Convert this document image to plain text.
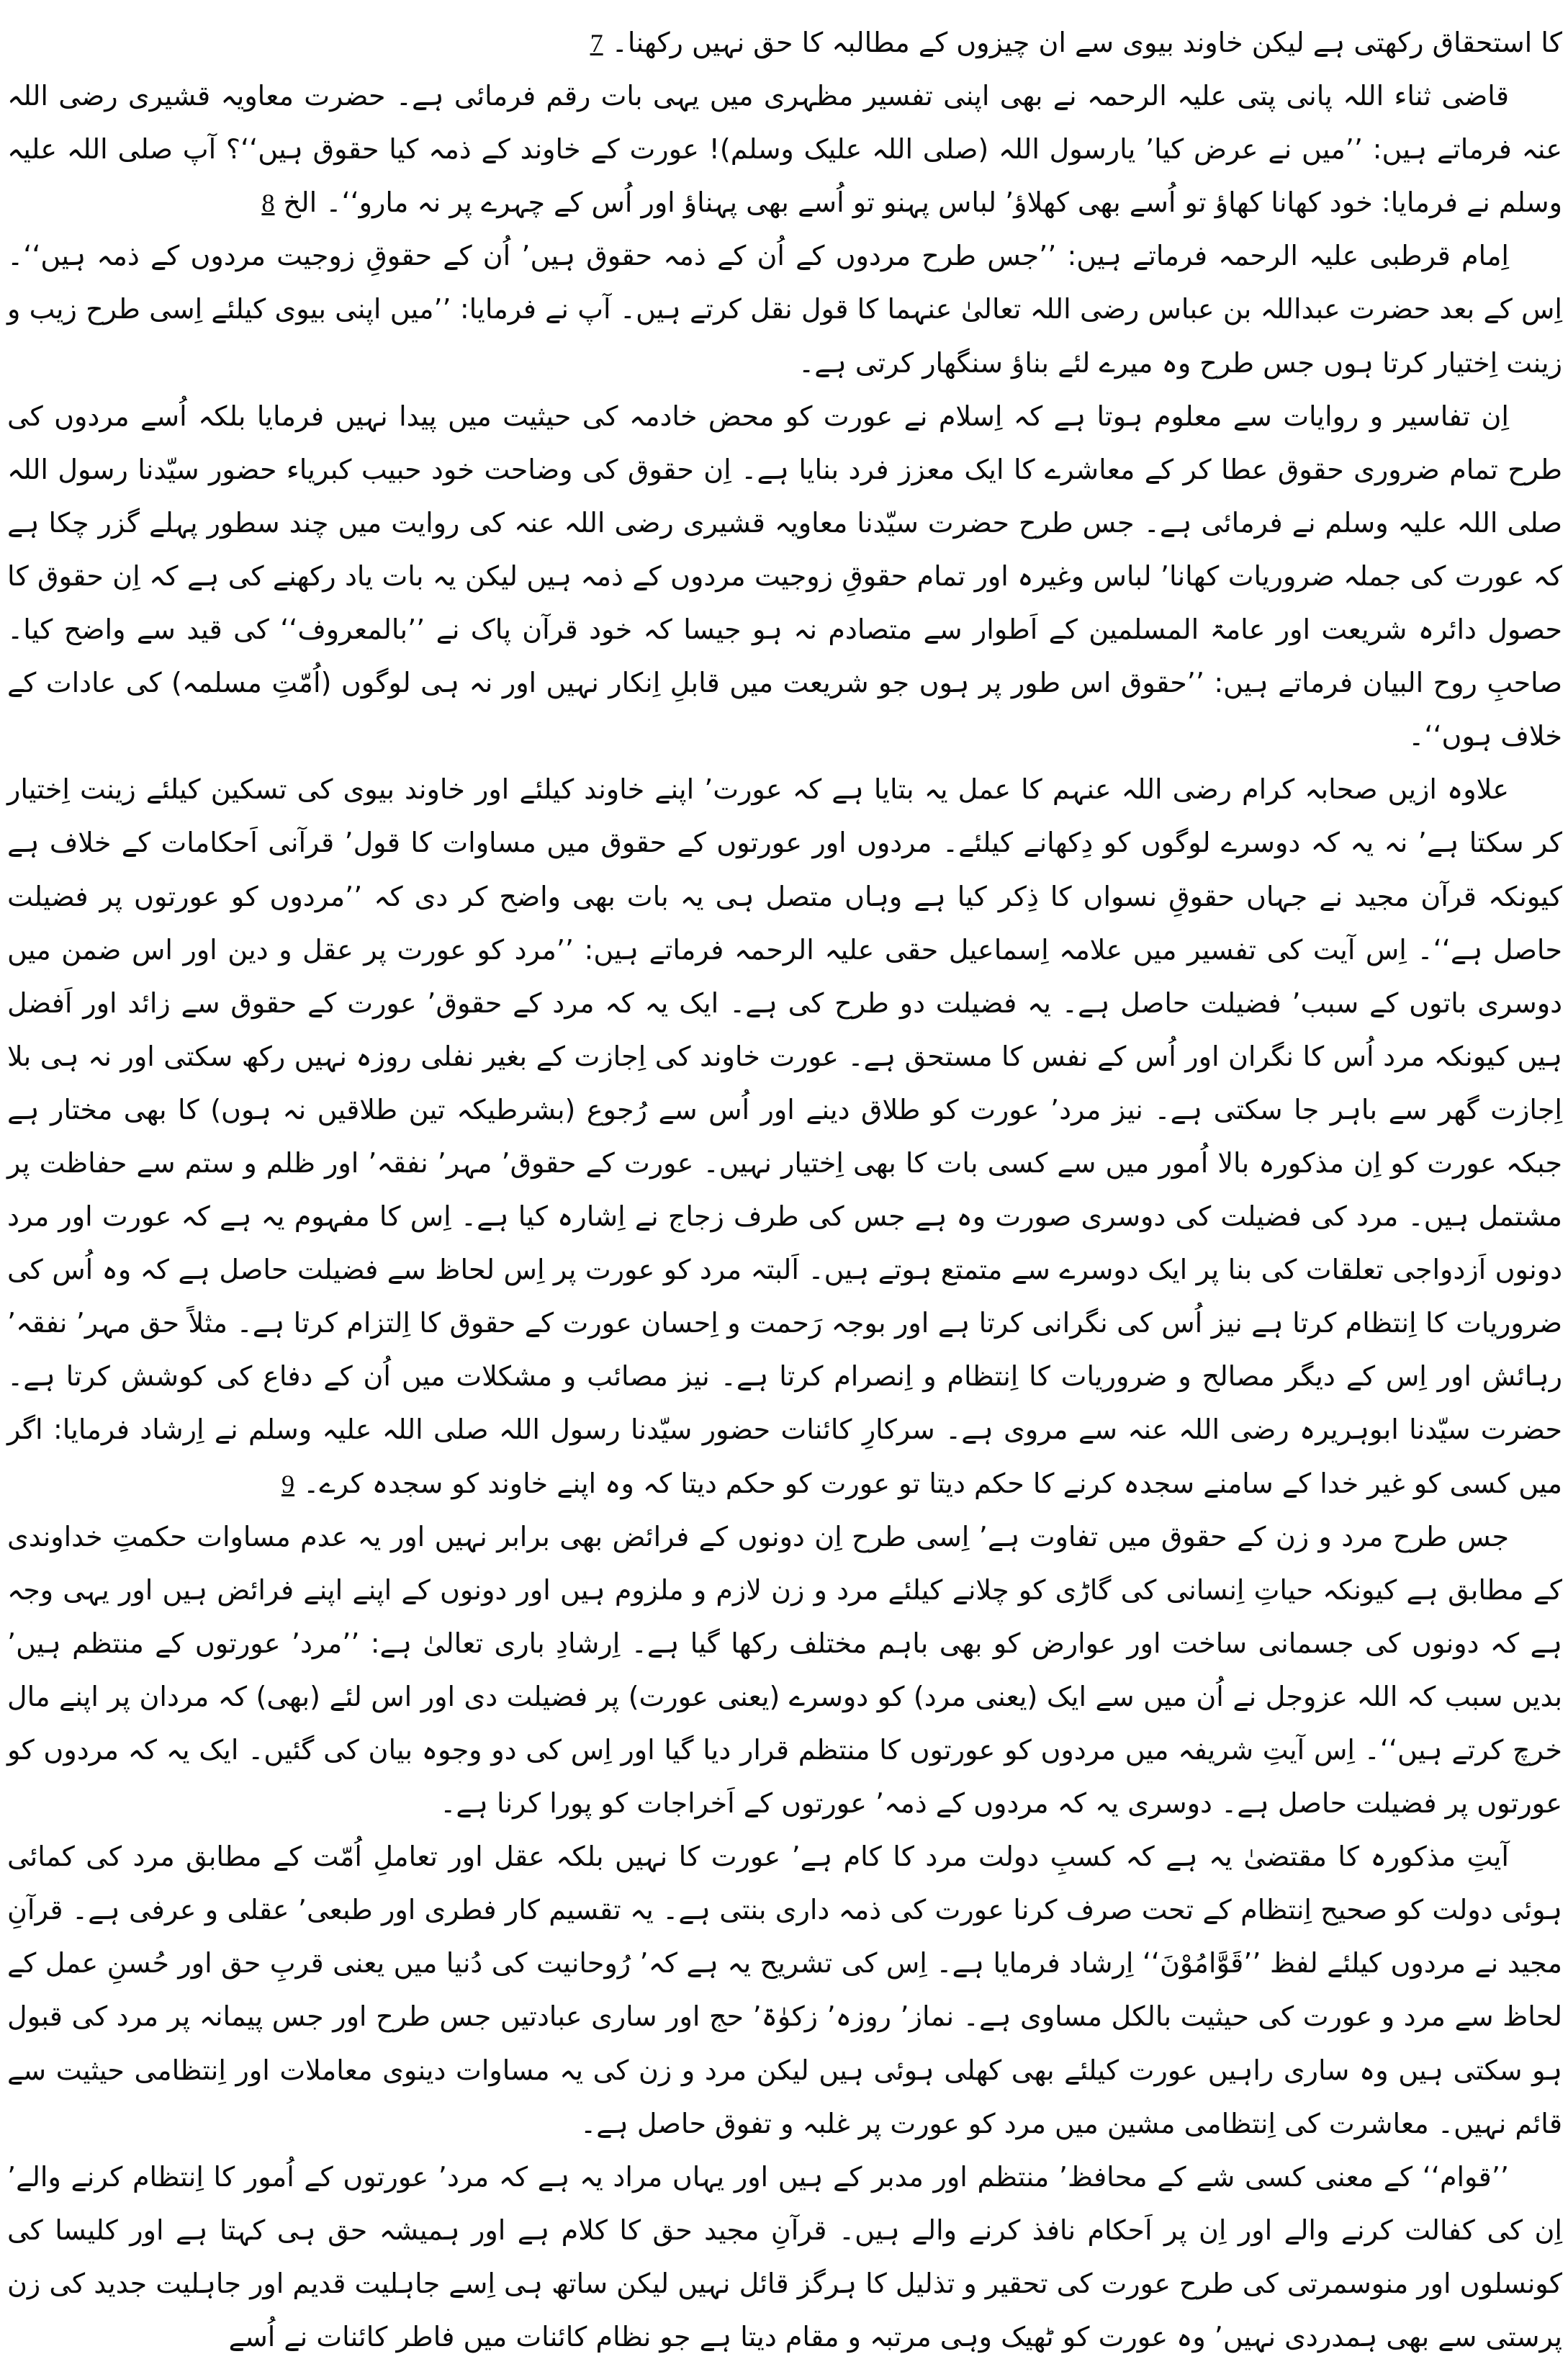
کا استحقاق رکھتی ہے لیکن خاوند بیوی سے ان چیزوں کے مطالبہ کا حق نہیں رکھنا۔7

قاضی ثناء اللہ پانی پتی علیہ الرحمہ نے بھی اپنی تفسیر مظہری میں یہی بات رقم فرمائی ہے۔ حضرت معاویہ قشیری رضی اللہ عنہ فرماتے ہیں: ’’میں نے عرض کیا’ یارسول اللہ (صلی اللہ علیک وسلم)! عورت کے خاوند کے ذمہ کیا حقوق ہیں‘‘؟ آپ صلی اللہ علیہ وسلم نے فرمایا: خود کھانا کھاؤ تو اُسے بھی کھلاؤ’ لباس پہنو تو اُسے بھی پہناؤ اور اُس کے چہرے پر نہ مارو‘‘۔ الخ8

اِمام قرطبی علیہ الرحمہ فرماتے ہیں: ’’جس طرح مردوں کے اُن کے ذمہ حقوق ہیں’ اُن کے حقوقِ زوجیت مردوں کے ذمہ ہیں‘‘۔ اِس کے بعد حضرت عبداللہ بن عباس رضی اللہ تعالیٰ عنہما کا قول نقل کرتے ہیں۔ آپ نے فرمایا: ’’میں اپنی بیوی کیلئے اِسی طرح زیب و زینت اِختیار کرتا ہوں جس طرح وہ میرے لئے بناؤ سنگھار کرتی ہے۔

اِن تفاسیر و روایات سے معلوم ہوتا ہے کہ اِسلام نے عورت کو محض خادمہ کی حیثیت میں پیدا نہیں فرمایا بلکہ اُسے مردوں کی طرح تمام ضروری حقوق عطا کر کے معاشرے کا ایک معزز فرد بنایا ہے۔ اِن حقوق کی وضاحت خود حبیب کبریاء حضور سیّدنا رسول اللہ صلی اللہ علیہ وسلم نے فرمائی ہے۔ جس طرح حضرت سیّدنا معاویہ قشیری رضی اللہ عنہ کی روایت میں چند سطور پہلے گزر چکا ہے کہ عورت کی جملہ ضروریات کھانا’ لباس وغیرہ اور تمام حقوقِ زوجیت مردوں کے ذمہ ہیں لیکن یہ بات یاد رکھنے کی ہے کہ اِن حقوق کا حصول دائرہ شریعت اور عامۃ المسلمین کے اَطوار سے متصادم نہ ہو جیسا کہ خود قرآن پاک نے ’’بالمعروف‘‘ کی قید سے واضح کیا۔ صاحبِ روح البیان فرماتے ہیں: ’’حقوق اس طور پر ہوں جو شریعت میں قابلِ اِنکار نہیں اور نہ ہی لوگوں (اُمّتِ مسلمہ) کی عادات کے خلاف ہوں‘‘۔

علاوہ ازیں صحابہ کرام رضی اللہ عنہم کا عمل یہ بتایا ہے کہ عورت’ اپنے خاوند کیلئے اور خاوند بیوی کی تسکین کیلئے زینت اِختیار کر سکتا ہے’ نہ یہ کہ دوسرے لوگوں کو دِکھانے کیلئے۔ مردوں اور عورتوں کے حقوق میں مساوات کا قول’ قرآنی اَحکامات کے خلاف ہے کیونکہ قرآن مجید نے جہاں حقوقِ نسواں کا ذِکر کیا ہے وہاں متصل ہی یہ بات بھی واضح کر دی کہ ’’مردوں کو عورتوں پر فضیلت حاصل ہے‘‘۔ اِس آیت کی تفسیر میں علامہ اِسماعیل حقی علیہ الرحمہ فرماتے ہیں: ’’مرد کو عورت پر عقل و دین اور اس ضمن میں دوسری باتوں کے سبب’ فضیلت حاصل ہے۔ یہ فضیلت دو طرح کی ہے۔ ایک یہ کہ مرد کے حقوق’ عورت کے حقوق سے زائد اور اَفضل ہیں کیونکہ مرد اُس کا نگران اور اُس کے نفس کا مستحق ہے۔ عورت خاوند کی اِجازت کے بغیر نفلی روزہ نہیں رکھ سکتی اور نہ ہی بلا اِجازت گھر سے باہر جا سکتی ہے۔ نیز مرد’ عورت کو طلاق دینے اور اُس سے رُجوع (بشرطیکہ تین طلاقیں نہ ہوں) کا بھی مختار ہے جبکہ عورت کو اِن مذکورہ بالا اُمور میں سے کسی بات کا بھی اِختیار نہیں۔ عورت کے حقوق’ مہر’ نفقہ’ اور ظلم و ستم سے حفاظت پر مشتمل ہیں۔ مرد کی فضیلت کی دوسری صورت وہ ہے جس کی طرف زجاج نے اِشارہ کیا ہے۔ اِس کا مفہوم یہ ہے کہ عورت اور مرد دونوں اَزدواجی تعلقات کی بنا پر ایک دوسرے سے متمتع ہوتے ہیں۔ اَلبتہ مرد کو عورت پر اِس لحاظ سے فضیلت حاصل ہے کہ وہ اُس کی ضروریات کا اِنتظام کرتا ہے نیز اُس کی نگرانی کرتا ہے اور بوجہ رَحمت و اِحسان عورت کے حقوق کا اِلتزام کرتا ہے۔ مثلاً حق مہر’ نفقہ’ رہائش اور اِس کے دیگر مصالح و ضروریات کا اِنتظام و اِنصرام کرتا ہے۔ نیز مصائب و مشکلات میں اُن کے دفاع کی کوشش کرتا ہے۔ حضرت سیّدنا ابوہریرہ رضی اللہ عنہ سے مروی ہے۔ سرکارِ کائنات حضور سیّدنا رسول اللہ صلی اللہ علیہ وسلم نے اِرشاد فرمایا: اگر میں کسی کو غیر خدا کے سامنے سجدہ کرنے کا حکم دیتا تو عورت کو حکم دیتا کہ وہ اپنے خاوند کو سجدہ کرے۔9

جس طرح مرد و زن کے حقوق میں تفاوت ہے’ اِسی طرح اِن دونوں کے فرائض بھی برابر نہیں اور یہ عدم مساوات حکمتِ خداوندی کے مطابق ہے کیونکہ حیاتِ اِنسانی کی گاڑی کو چلانے کیلئے مرد و زن لازم و ملزوم ہیں اور دونوں کے اپنے اپنے فرائض ہیں اور یہی وجہ ہے کہ دونوں کی جسمانی ساخت اور عوارض کو بھی باہم مختلف رکھا گیا ہے۔ اِرشادِ باری تعالیٰ ہے: ’’مرد’ عورتوں کے منتظم ہیں’ بدیں سبب کہ اللہ عزوجل نے اُن میں سے ایک (یعنی مرد) کو دوسرے (یعنی عورت) پر فضیلت دی اور اس لئے (بھی) کہ مردان پر اپنے مال خرچ کرتے ہیں‘‘۔ اِس آیتِ شریفہ میں مردوں کو عورتوں کا منتظم قرار دیا گیا اور اِس کی دو وجوہ بیان کی گئیں۔ ایک یہ کہ مردوں کو عورتوں پر فضیلت حاصل ہے۔ دوسری یہ کہ مردوں کے ذمہ’ عورتوں کے اَخراجات کو پورا کرنا ہے۔

آیتِ مذکورہ کا مقتضیٰ یہ ہے کہ کسبِ دولت مرد کا کام ہے’ عورت کا نہیں بلکہ عقل اور تعاملِ اُمّت کے مطابق مرد کی کمائی ہوئی دولت کو صحیح اِنتظام کے تحت صرف کرنا عورت کی ذمہ داری بنتی ہے۔ یہ تقسیم کار فطری اور طبعی’ عقلی و عرفی ہے۔ قرآنِ مجید نے مردوں کیلئے لفظ ’’قَوَّامُوْنَ‘‘ اِرشاد فرمایا ہے۔ اِس کی تشریح یہ ہے کہ’ رُوحانیت کی دُنیا میں یعنی قربِ حق اور حُسنِ عمل کے لحاظ سے مرد و عورت کی حیثیت بالکل مساوی ہے۔ نماز’ روزہ’ زکوٰۃ’ حج اور ساری عبادتیں جس طرح اور جس پیمانہ پر مرد کی قبول ہو سکتی ہیں وہ ساری راہیں عورت کیلئے بھی کھلی ہوئی ہیں لیکن مرد و زن کی یہ مساوات دینوی معاملات اور اِنتظامی حیثیت سے قائم نہیں۔ معاشرت کی اِنتظامی مشین میں مرد کو عورت پر غلبہ و تفوق حاصل ہے۔

’’قوام‘‘ کے معنی کسی شے کے محافظ’ منتظم اور مدبر کے ہیں اور یہاں مراد یہ ہے کہ مرد’ عورتوں کے اُمور کا اِنتظام کرنے والے’ اِن کی کفالت کرنے والے اور اِن پر اَحکام نافذ کرنے والے ہیں۔ قرآنِ مجید حق کا کلام ہے اور ہمیشہ حق ہی کہتا ہے اور کلیسا کی کونسلوں اور منوسمرتی کی طرح عورت کی تحقیر و تذلیل کا ہرگز قائل نہیں لیکن ساتھ ہی اِسے جاہلیت قدیم اور جاہلیت جدید کی زن پرستی سے بھی ہمدردی نہیں’ وہ عورت کو ٹھیک وہی مرتبہ و مقام دیتا ہے جو نظام کائنات میں فاطر کائنات نے اُسے
